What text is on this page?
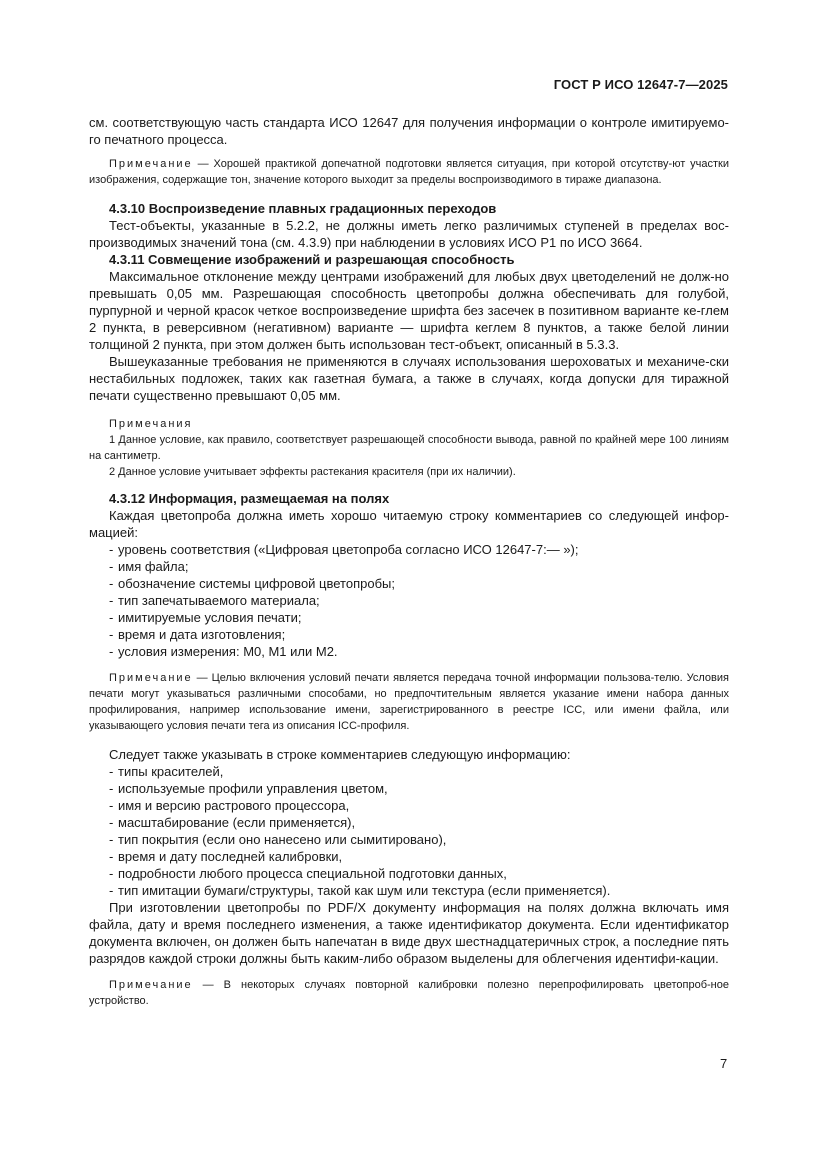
ГОСТ Р ИСО 12647-7—2025

см. соответствующую часть стандарта ИСО 12647 для получения информации о контроле имитируемо-го печатного процесса.

Примечание — Хорошей практикой допечатной подготовки является ситуация, при которой отсутству-ют участки изображения, содержащие тон, значение которого выходит за пределы воспроизводимого в тираже диапазона.

4.3.10 Воспроизведение плавных градационных переходов

Тест-объекты, указанные в 5.2.2, не должны иметь легко различимых ступеней в пределах вос-производимых значений тона (см. 4.3.9) при наблюдении в условиях ИСО Р1 по ИСО 3664.

4.3.11 Совмещение изображений и разрешающая способность

Максимальное отклонение между центрами изображений для любых двух цветоделений не долж-но превышать 0,05 мм. Разрешающая способность цветопробы должна обеспечивать для голубой, пурпурной и черной красок четкое воспроизведение шрифта без засечек в позитивном варианте ке-глем 2 пункта, в реверсивном (негативном) варианте — шрифта кеглем 8 пунктов, а также белой линии толщиной 2 пункта, при этом должен быть использован тест-объект, описанный в 5.3.3.

Вышеуказанные требования не применяются в случаях использования шероховатых и механиче-ски нестабильных подложек, таких как газетная бумага, а также в случаях, когда допуски для тиражной печати существенно превышают 0,05 мм.

Примечания

1 Данное условие, как правило, соответствует разрешающей способности вывода, равной по крайней мере 100 линиям на сантиметр.

2 Данное условие учитывает эффекты растекания красителя (при их наличии).

4.3.12 Информация, размещаемая на полях

Каждая цветопроба должна иметь хорошо читаемую строку комментариев со следующей инфор-мацией:

- уровень соответствия («Цифровая цветопроба согласно ИСО 12647-7:— »);
- имя файла;
- обозначение системы цифровой цветопробы;
- тип запечатываемого материала;
- имитируемые условия печати;
- время и дата изготовления;
- условия измерения: M0, M1 или M2.

Примечание — Целью включения условий печати является передача точной информации пользова-телю. Условия печати могут указываться различными способами, но предпочтительным является указание имени набора данных профилирования, например использование имени, зарегистрированного в реестре ICC, или имени файла, или указывающего условия печати тега из описания ICC-профиля.

Следует также указывать в строке комментариев следующую информацию:

- типы красителей,
- используемые профили управления цветом,
- имя и версию растрового процессора,
- масштабирование (если применяется),
- тип покрытия (если оно нанесено или сымитировано),
- время и дату последней калибровки,
- подробности любого процесса специальной подготовки данных,
- тип имитации бумаги/структуры, такой как шум или текстура (если применяется).

При изготовлении цветопробы по PDF/X документу информация на полях должна включать имя файла, дату и время последнего изменения, а также идентификатор документа. Если идентификатор документа включен, он должен быть напечатан в виде двух шестнадцатеричных строк, а последние пять разрядов каждой строки должны быть каким-либо образом выделены для облегчения идентифи-кации.

Примечание — В некоторых случаях повторной калибровки полезно перепрофилировать цветопроб-ное устройство.

7
